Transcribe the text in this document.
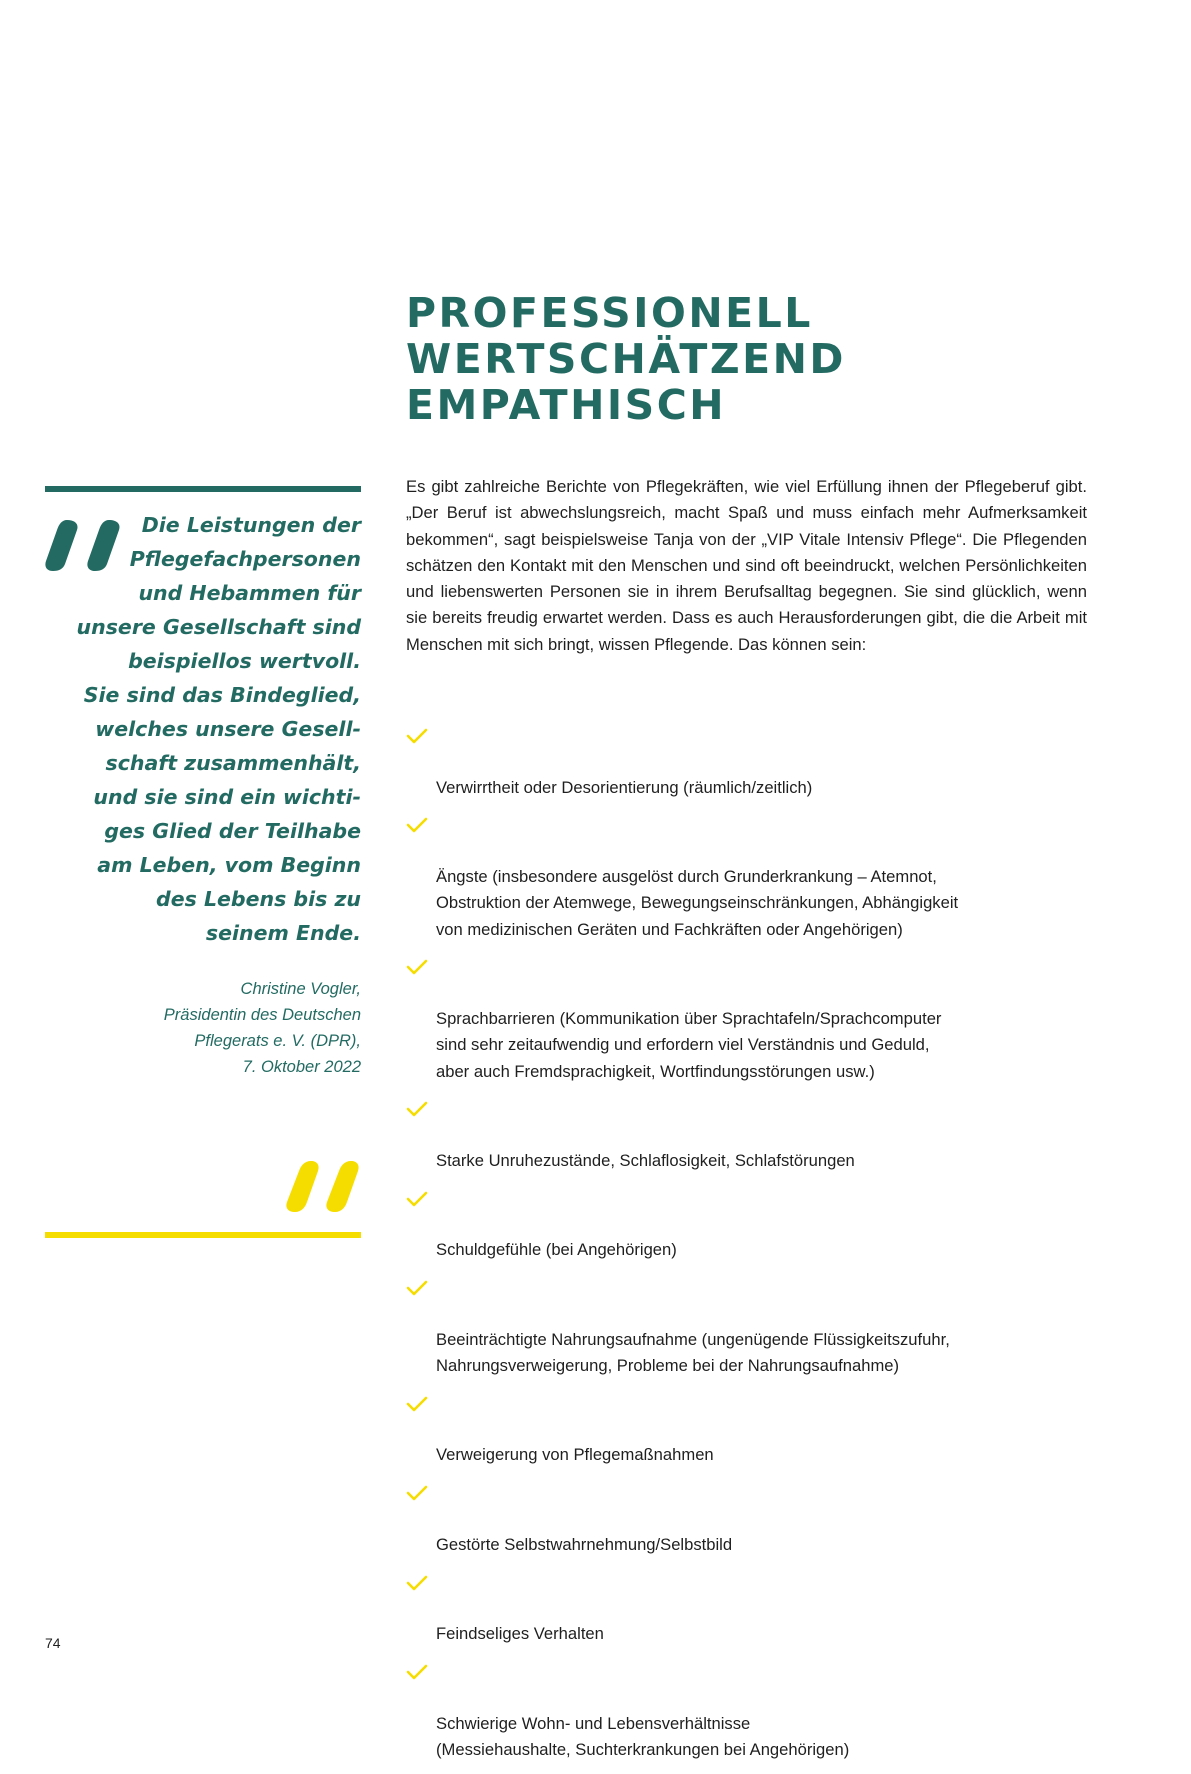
PROFESSIONELL
WERTSCHÄTZEND
EMPATHISCH

Die Leistungen der
Pflegefachpersonen
und Hebammen für
unsere Gesellschaft sind
beispiellos wertvoll.
Sie sind das Bindeglied,
welches unsere Gesell-
schaft zusammenhält,
und sie sind ein wichti-
ges Glied der Teilhabe
am Leben, vom Beginn
des Lebens bis zu
seinem Ende.

Christine Vogler,
Präsidentin des Deutschen
Pflegerats e. V. (DPR),
7. Oktober 2022

Es gibt zahlreiche Berichte von Pflegekräften, wie viel Erfüllung ihnen der Pflegeberuf gibt. „Der Beruf ist abwechslungsreich, macht Spaß und muss einfach mehr Aufmerksamkeit bekommen“, sagt beispielsweise Tanja von der „VIP Vitale Intensiv Pflege“. Die Pflegenden schätzen den Kontakt mit den Menschen und sind oft beeindruckt, welchen Persönlichkeiten und liebenswerten Personen sie in ihrem Berufsalltag begegnen. Sie sind glücklich, wenn sie bereits freudig erwartet werden. Dass es auch Herausforderungen gibt, die die Arbeit mit Menschen mit sich bringt, wissen Pflegende. Das können sein:

Verwirrtheit oder Desorientierung (räumlich/zeitlich)

Ängste (insbesondere ausgelöst durch Grunderkrankung – Atemnot,
Obstruktion der Atemwege, Bewegungseinschränkungen, Abhängigkeit
von medizinischen Geräten und Fachkräften oder Angehörigen)

Sprachbarrieren (Kommunikation über Sprachtafeln/Sprachcomputer
sind sehr zeitaufwendig und erfordern viel Verständnis und Geduld,
aber auch Fremdsprachigkeit, Wortfindungsstörungen usw.)

Starke Unruhezustände, Schlaflosigkeit, Schlafstörungen

Schuldgefühle (bei Angehörigen)

Beeinträchtigte Nahrungsaufnahme (ungenügende Flüssigkeitszufuhr,
Nahrungsverweigerung, Probleme bei der Nahrungsaufnahme)

Verweigerung von Pflegemaßnahmen

Gestörte Selbstwahrnehmung/Selbstbild

Feindseliges Verhalten

Schwierige Wohn- und Lebensverhältnisse
(Messiehaushalte, Suchterkrankungen bei Angehörigen)

74
